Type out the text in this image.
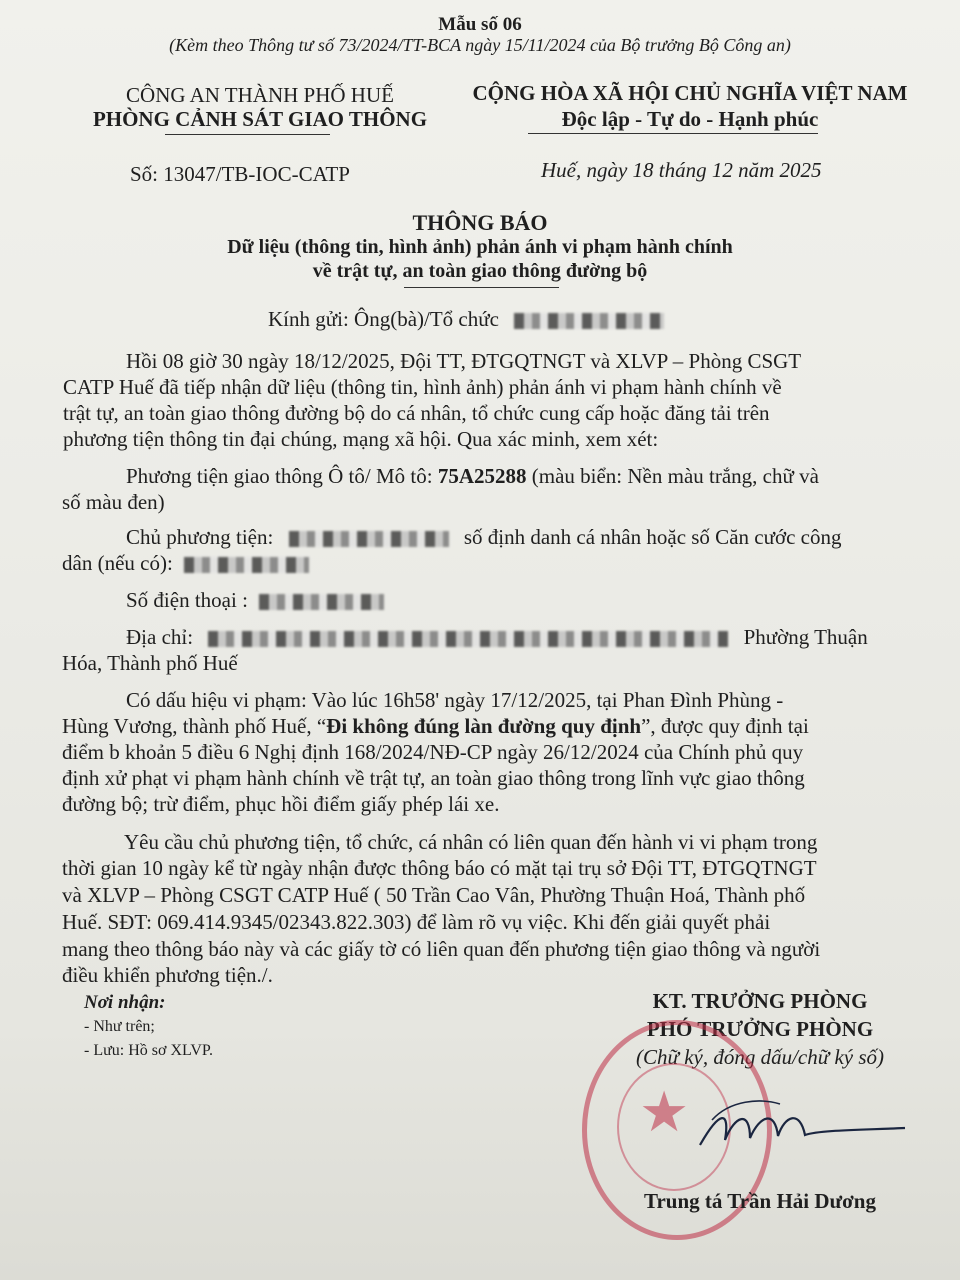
Mẫu số 06
(Kèm theo Thông tư số 73/2024/TT-BCA ngày 15/11/2024 của Bộ trưởng Bộ Công an)
CÔNG AN THÀNH PHỐ HUẾ
PHÒNG CẢNH SÁT GIAO THÔNG
CỘNG HÒA XÃ HỘI CHỦ NGHĨA VIỆT NAM
Độc lập - Tự do - Hạnh phúc
Số: 13047/TB-IOC-CATP	Huế, ngày 18 tháng 12 năm 2025
THÔNG BÁO
Dữ liệu (thông tin, hình ảnh) phản ánh vi phạm hành chính
về trật tự, an toàn giao thông đường bộ
Kính gửi: Ông(bà)/Tổ chức
Hồi 08 giờ 30 ngày 18/12/2025, Đội TT, ĐTGQTNGT và XLVP – Phòng CSGT
CATP Huế đã tiếp nhận dữ liệu (thông tin, hình ảnh) phản ánh vi phạm hành chính về
trật tự, an toàn giao thông đường bộ do cá nhân, tổ chức cung cấp hoặc đăng tải trên
phương tiện thông tin đại chúng, mạng xã hội. Qua xác minh, xem xét:
Phương tiện giao thông Ô tô/ Mô tô: 75A25288 (màu biển: Nền màu trắng, chữ và
số màu đen)
Chủ phương tiện:	số định danh cá nhân hoặc số Căn cước công
dân (nếu có):
Số điện thoại :
Địa chỉ:	Phường Thuận
Hóa, Thành phố Huế
Có dấu hiệu vi phạm: Vào lúc 16h58' ngày 17/12/2025, tại Phan Đình Phùng -
Hùng Vương, thành phố Huế, “Đi không đúng làn đường quy định”, được quy định tại
điểm b khoản 5 điều 6 Nghị định 168/2024/NĐ-CP ngày 26/12/2024 của Chính phủ quy
định xử phạt vi phạm hành chính về trật tự, an toàn giao thông trong lĩnh vực giao thông
đường bộ; trừ điểm, phục hồi điểm giấy phép lái xe.
Yêu cầu chủ phương tiện, tổ chức, cá nhân có liên quan đến hành vi vi phạm trong
thời gian 10 ngày kể từ ngày nhận được thông báo có mặt tại trụ sở Đội TT, ĐTGQTNGT
và XLVP – Phòng CSGT CATP Huế ( 50 Trần Cao Vân, Phường Thuận Hoá, Thành phố
Huế. SĐT: 069.414.9345/02343.822.303) để làm rõ vụ việc. Khi đến giải quyết phải
mang theo thông báo này và các giấy tờ có liên quan đến phương tiện giao thông và người
điều khiển phương tiện./.
Nơi nhận:
- Như trên;
- Lưu: Hồ sơ XLVP.
KT. TRƯỞNG PHÒNG
PHÓ TRƯỞNG PHÒNG
(Chữ ký, đóng dấu/chữ ký số)
★
Trung tá Trần Hải Dương
